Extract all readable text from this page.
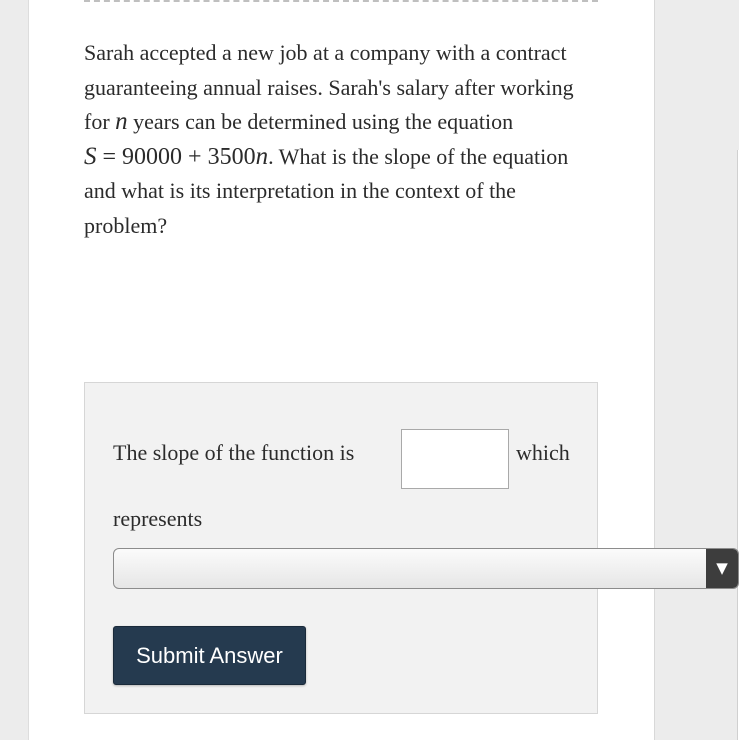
Sarah accepted a new job at a company with a contract guaranteeing annual raises. Sarah's salary after working for n years can be determined using the equation
S = 90000 + 3500n. What is the slope of the equation and what is its interpretation in the context of the problem?

The slope of the function is	which
represents
▼
Submit Answer
